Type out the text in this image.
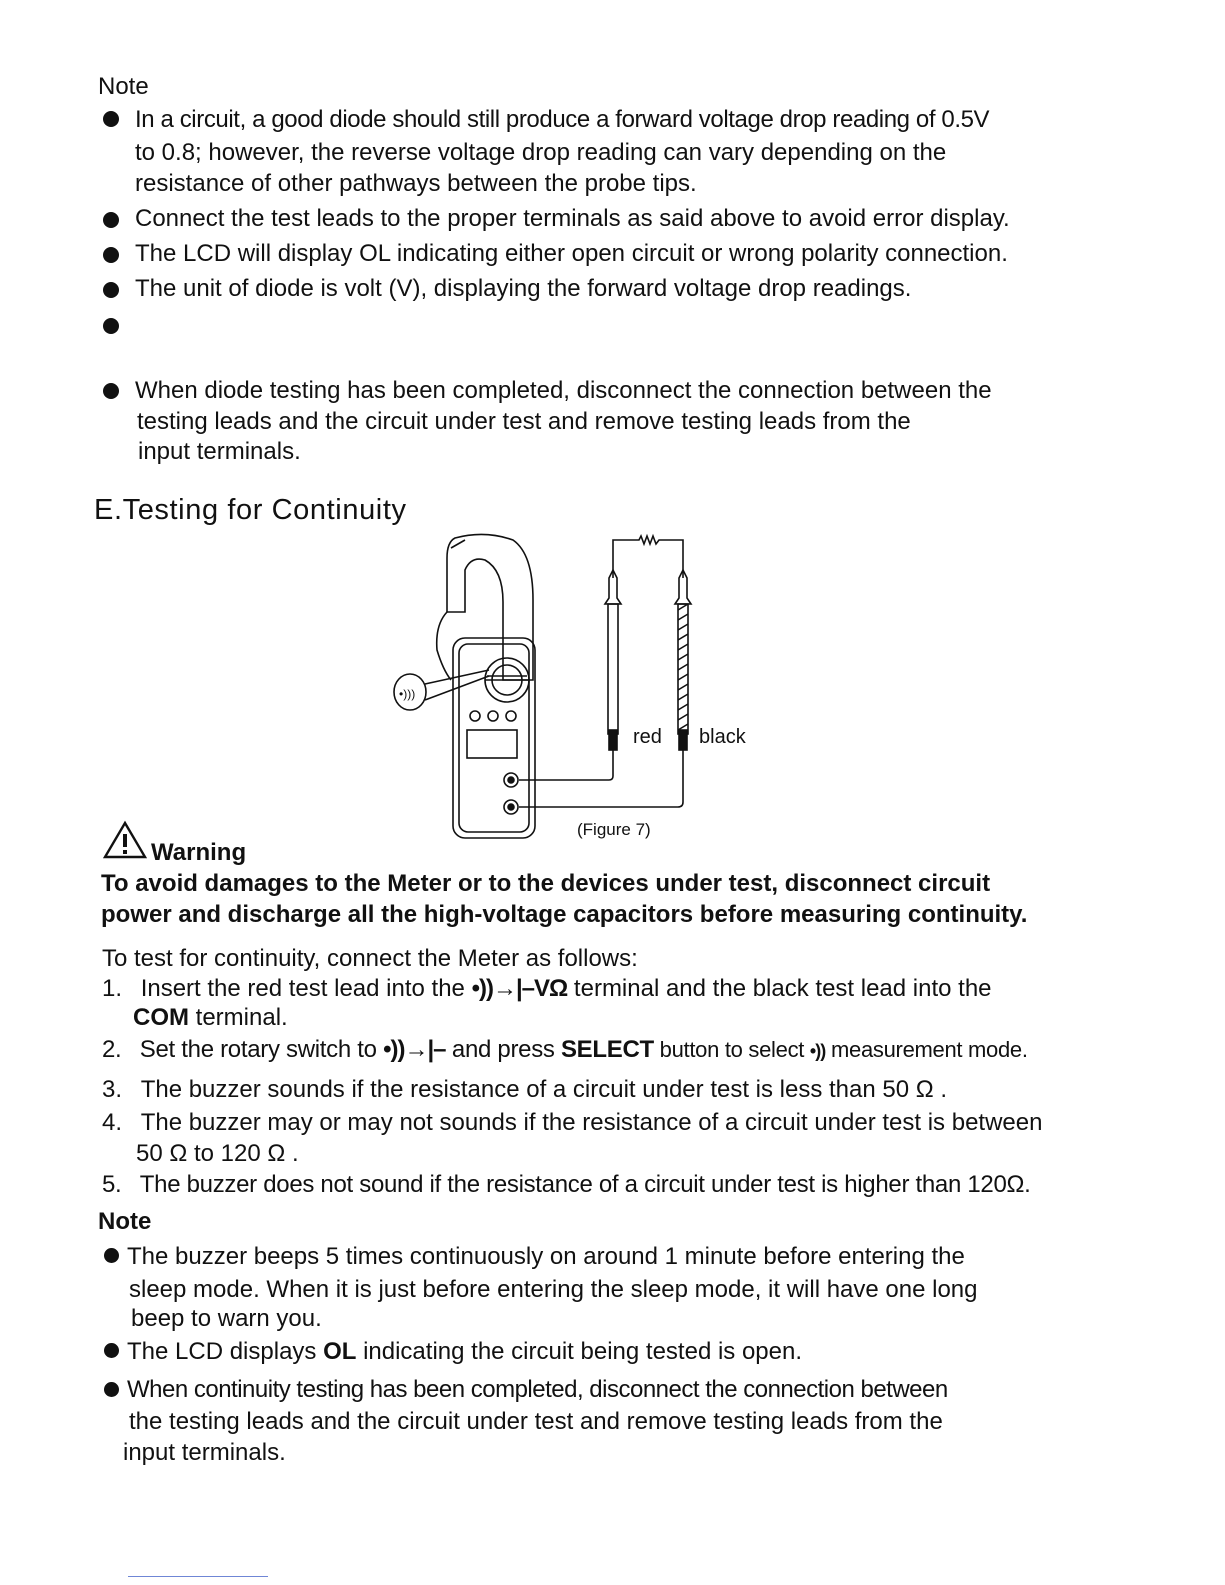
Note
In a circuit, a good diode should still produce a forward voltage drop reading of 0.5V
to 0.8; however, the reverse voltage drop reading can vary depending on the
resistance of other pathways between the probe tips.
Connect the test leads to the proper terminals as said above to avoid error display.
The LCD will display OL indicating either open circuit or wrong polarity connection.
The unit of diode is volt (V), displaying the forward voltage drop readings.
When diode testing has been completed, disconnect the connection between the
testing leads and the circuit under test and remove testing leads from the
input terminals.
E.Testing for Continuity
•)))
red black
(Figure 7)
Warning
To avoid damages to the Meter or to the devices under test, disconnect circuit
power and discharge all the high-voltage capacitors before measuring continuity.
To test for continuity, connect the Meter as follows:
1. Insert the red test lead into the •))→|–VΩ terminal and the black test lead into the
COM terminal.
2. Set the rotary switch to •))→|– and press SELECT button to select •)) measurement mode.
3. The buzzer sounds if the resistance of a circuit under test is less than 50 Ω .
4. The buzzer may or may not sounds if the resistance of a circuit under test is between
50 Ω to 120 Ω .
5. The buzzer does not sound if the resistance of a circuit under test is higher than 120Ω.
Note
The buzzer beeps 5 times continuously on around 1 minute before entering the
sleep mode. When it is just before entering the sleep mode, it will have one long
beep to warn you.
The LCD displays OL indicating the circuit being tested is open.
When continuity testing has been completed, disconnect the connection between
the testing leads and the circuit under test and remove testing leads from the
input terminals.
